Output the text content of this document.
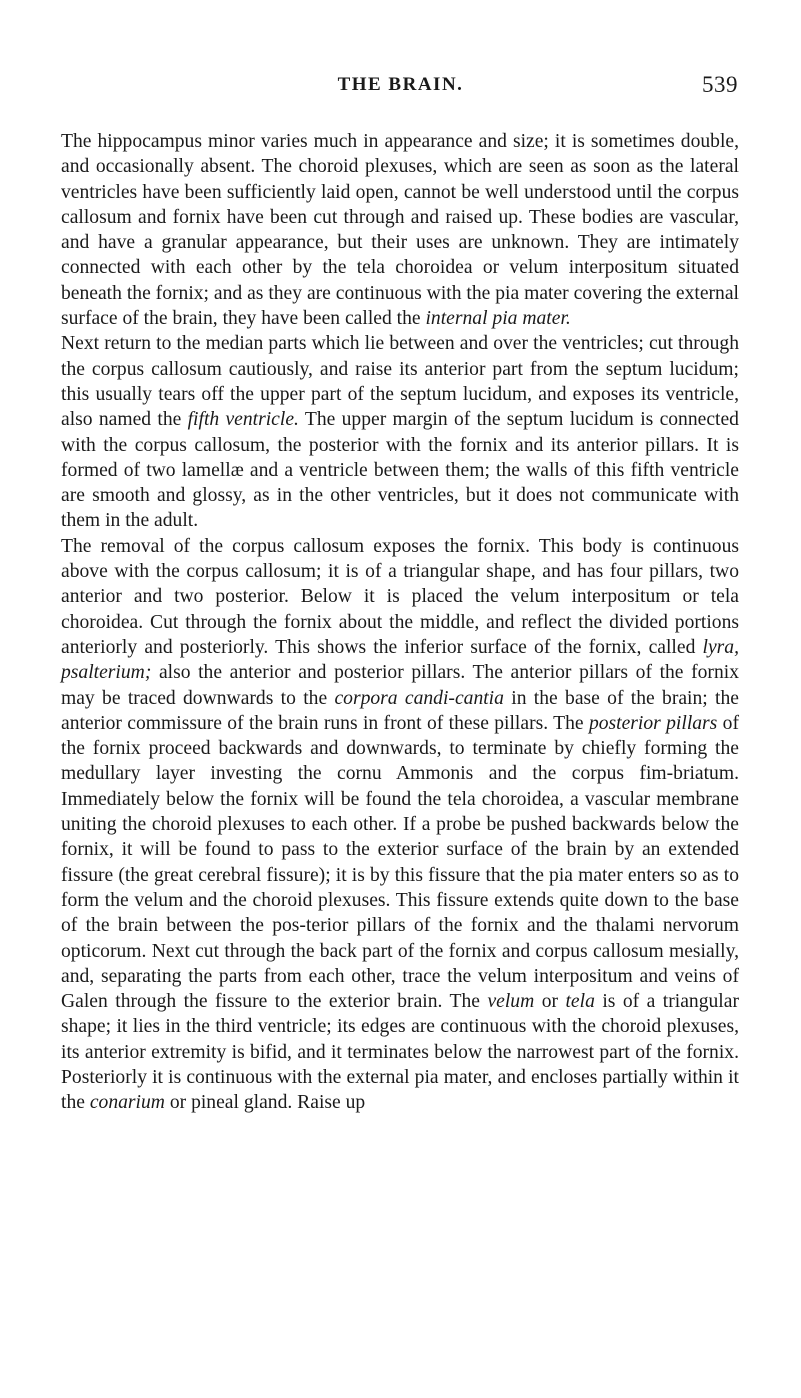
THE BRAIN.	539

The hippocampus minor varies much in appearance and size; it is sometimes double, and occasionally absent. The choroid plexuses, which are seen as soon as the lateral ventricles have been sufficiently laid open, cannot be well understood until the corpus callosum and fornix have been cut through and raised up. These bodies are vascular, and have a granular appearance, but their uses are unknown. They are intimately connected with each other by the tela choroidea or velum interpositum situated beneath the fornix; and as they are continuous with the pia mater covering the external surface of the brain, they have been called the internal pia mater.

Next return to the median parts which lie between and over the ventricles; cut through the corpus callosum cautiously, and raise its anterior part from the septum lucidum; this usually tears off the upper part of the septum lucidum, and exposes its ventricle, also named the fifth ventricle. The upper margin of the septum lucidum is connected with the corpus callosum, the posterior with the fornix and its anterior pillars. It is formed of two lamellæ and a ventricle between them; the walls of this fifth ventricle are smooth and glossy, as in the other ventricles, but it does not communicate with them in the adult.

The removal of the corpus callosum exposes the fornix. This body is continuous above with the corpus callosum; it is of a triangular shape, and has four pillars, two anterior and two posterior. Below it is placed the velum interpositum or tela choroidea. Cut through the fornix about the middle, and reflect the divided portions anteriorly and posteriorly. This shows the inferior surface of the fornix, called lyra, psalterium; also the anterior and posterior pillars. The anterior pillars of the fornix may be traced downwards to the corpora candi-cantia in the base of the brain; the anterior commissure of the brain runs in front of these pillars. The posterior pillars of the fornix proceed backwards and downwards, to terminate by chiefly forming the medullary layer investing the cornu Ammonis and the corpus fim-briatum. Immediately below the fornix will be found the tela choroidea, a vascular membrane uniting the choroid plexuses to each other. If a probe be pushed backwards below the fornix, it will be found to pass to the exterior surface of the brain by an extended fissure (the great cerebral fissure); it is by this fissure that the pia mater enters so as to form the velum and the choroid plexuses. This fissure extends quite down to the base of the brain between the pos-terior pillars of the fornix and the thalami nervorum opticorum. Next cut through the back part of the fornix and corpus callosum mesially, and, separating the parts from each other, trace the velum interpositum and veins of Galen through the fissure to the exterior brain. The velum or tela is of a triangular shape; it lies in the third ventricle; its edges are continuous with the choroid plexuses, its anterior extremity is bifid, and it terminates below the narrowest part of the fornix. Posteriorly it is continuous with the external pia mater, and encloses partially within it the conarium or pineal gland. Raise up
